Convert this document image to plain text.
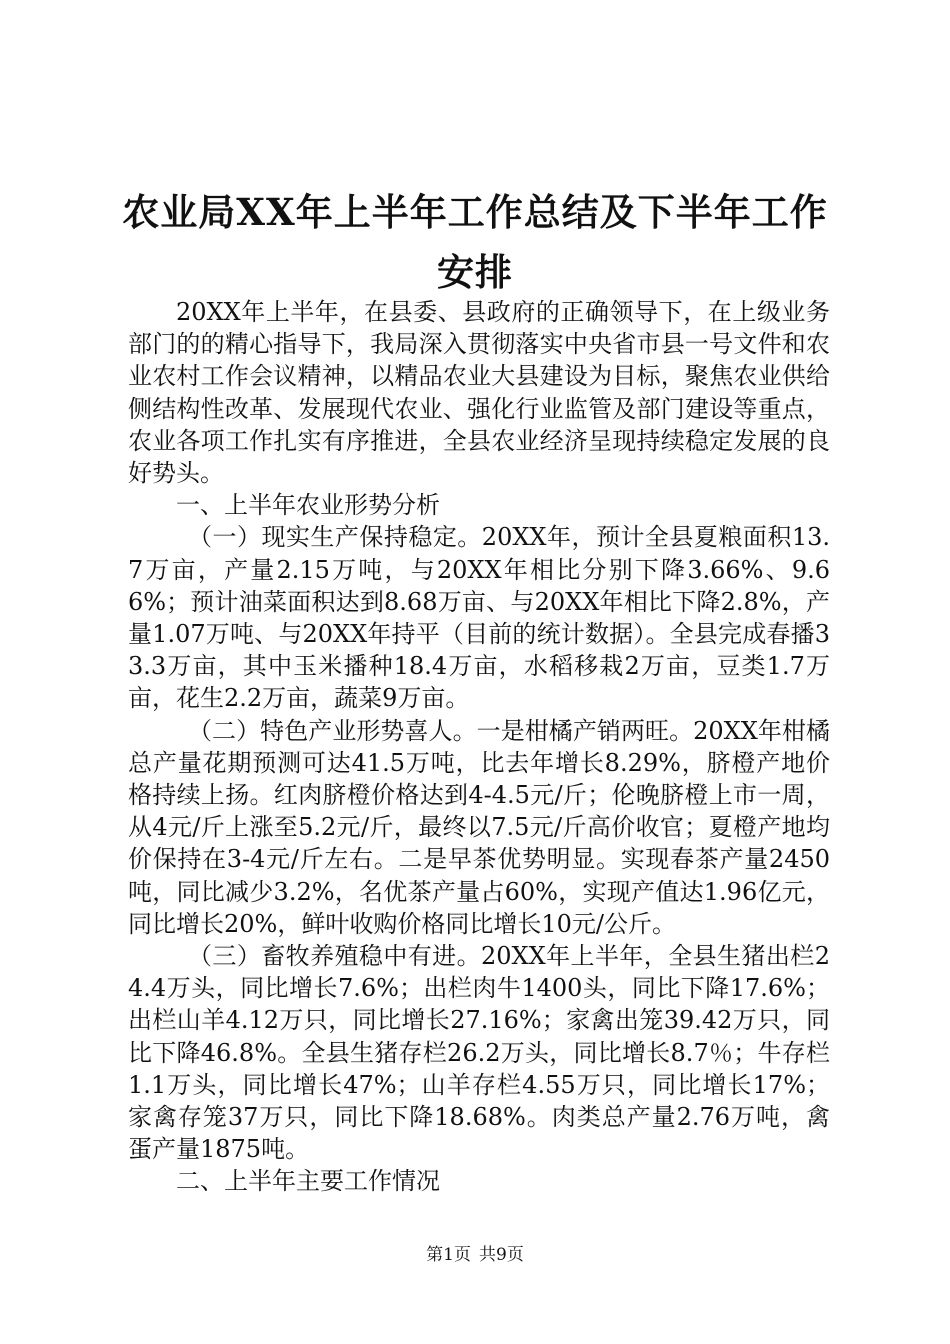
农业局XX年上半年工作总结及下半年工作安排

20XX年上半年，在县委、县政府的正确领导下，在上级业务部门的的精心指导下，我局深入贯彻落实中央省市县一号文件和农业农村工作会议精神，以精品农业大县建设为目标，聚焦农业供给侧结构性改革、发展现代农业、强化行业监管及部门建设等重点，农业各项工作扎实有序推进，全县农业经济呈现持续稳定发展的良好势头。

一、上半年农业形势分析

（一）现实生产保持稳定。20XX年，预计全县夏粮面积13.7万亩，产量2.15万吨，与20XX年相比分别下降3.66%、9.66%；预计油菜面积达到8.68万亩、与20XX年相比下降2.8%，产量1.07万吨、与20XX年持平（目前的统计数据）。全县完成春播33.3万亩，其中玉米播种18.4万亩，水稻移栽2万亩，豆类1.7万亩，花生2.2万亩，蔬菜9万亩。

（二）特色产业形势喜人。一是柑橘产销两旺。20XX年柑橘总产量花期预测可达41.5万吨，比去年增长8.29%，脐橙产地价格持续上扬。红肉脐橙价格达到4-4.5元/斤；伦晚脐橙上市一周，从4元/斤上涨至5.2元/斤，最终以7.5元/斤高价收官；夏橙产地均价保持在3-4元/斤左右。二是早茶优势明显。实现春茶产量2450吨，同比减少3.2%，名优茶产量占60%，实现产值达1.96亿元，同比增长20%，鲜叶收购价格同比增长10元/公斤。

（三）畜牧养殖稳中有进。20XX年上半年，全县生猪出栏24.4万头，同比增长7.6%；出栏肉牛1400头，同比下降17.6%；出栏山羊4.12万只，同比增长27.16%；家禽出笼39.42万只，同比下降46.8%。全县生猪存栏26.2万头，同比增长8.7％；牛存栏1.1万头，同比增长47%；山羊存栏4.55万只，同比增长17%；家禽存笼37万只，同比下降18.68%。肉类总产量2.76万吨，禽蛋产量1875吨。

二、上半年主要工作情况

第1页 共9页
